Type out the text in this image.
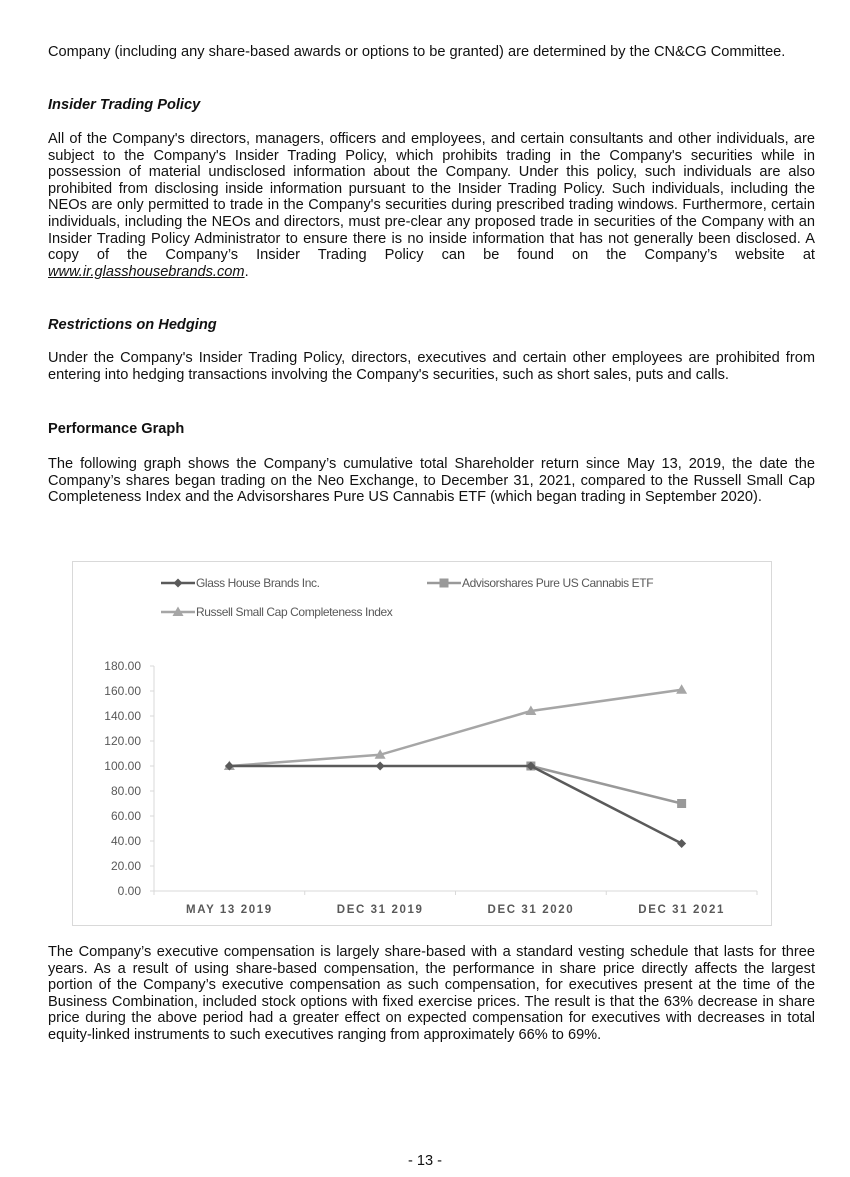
Company (including any share-based awards or options to be granted) are determined by the CN&CG Committee.

Insider Trading Policy

All of the Company's directors, managers, officers and employees, and certain consultants and other individuals, are subject to the Company's Insider Trading Policy, which prohibits trading in the Company's securities while in possession of material undisclosed information about the Company. Under this policy, such individuals are also prohibited from disclosing inside information pursuant to the Insider Trading Policy. Such individuals, including the NEOs are only permitted to trade in the Company's securities during prescribed trading windows. Furthermore, certain individuals, including the NEOs and directors, must pre-clear any proposed trade in securities of the Company with an Insider Trading Policy Administrator to ensure there is no inside information that has not generally been disclosed. A copy of the Company’s Insider Trading Policy can be found on the Company’s website at www.ir.glasshousebrands.com.

Restrictions on Hedging

Under the Company's Insider Trading Policy, directors, executives and certain other employees are prohibited from entering into hedging transactions involving the Company's securities, such as short sales, puts and calls.

Performance Graph

The following graph shows the Company’s cumulative total Shareholder return since May 13, 2019, the date the Company’s shares began trading on the Neo Exchange, to December 31, 2021, compared to the Russell Small Cap Completeness Index and the Advisorshares Pure US Cannabis ETF (which began trading in September 2020).

The Company’s executive compensation is largely share-based with a standard vesting schedule that lasts for three years. As a result of using share-based compensation, the performance in share price directly affects the largest portion of the Company’s executive compensation as such compensation, for executives present at the time of the Business Combination, included stock options with fixed exercise prices. The result is that the 63% decrease in share price during the above period had a greater effect on expected compensation for executives with decreases in total equity-linked instruments to such executives ranging from approximately 66% to 69%.

Glass House Brands Inc.	Advisorshares Pure US Cannabis ETF
Russell Small Cap Completeness Index
180.00
160.00
140.00
120.00
100.00
80.00
60.00
40.00
20.00
0.00
MAY 13 2019	DEC 31 2019	DEC 31 2020	DEC 31 2021
- 13 -
